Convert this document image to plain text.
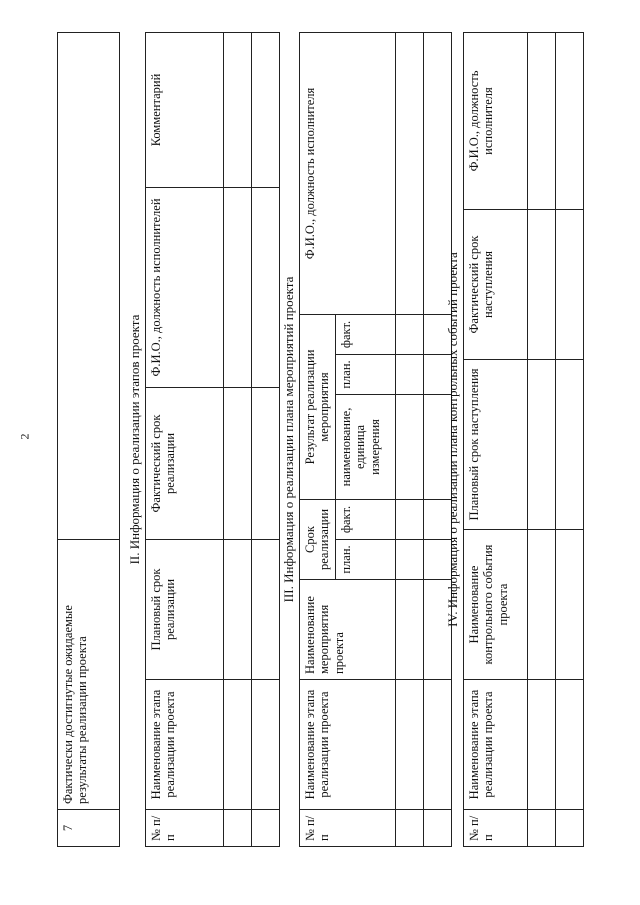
2
7	Фактически достигнутые ожидаемые результаты реализации проекта	
II. Информация о реализации этапов проекта
№ п/п	Наименование этапа реализации проекта	Плановый срок реализации	Фактический срок реализации	Ф.И.О., должность исполнителей	Комментарий

III. Информация о реализации плана мероприятий проекта
№ п/п	Наименование этапа реализации проекта	Наименование мероприятия проекта	Срок реализации		Результат реализации мероприятия			Ф.И.О., должность исполнителя
			план.	факт.	наименование, единица измерения	план.	факт.	

									IV. Информация о реализации плана контрольных событий проекта
№ п/п	Наименование этапа реализации проекта	Наименование контрольного события проекта	Плановый срок наступления	Фактический срок наступления	Ф.И.О., должность исполнителя
